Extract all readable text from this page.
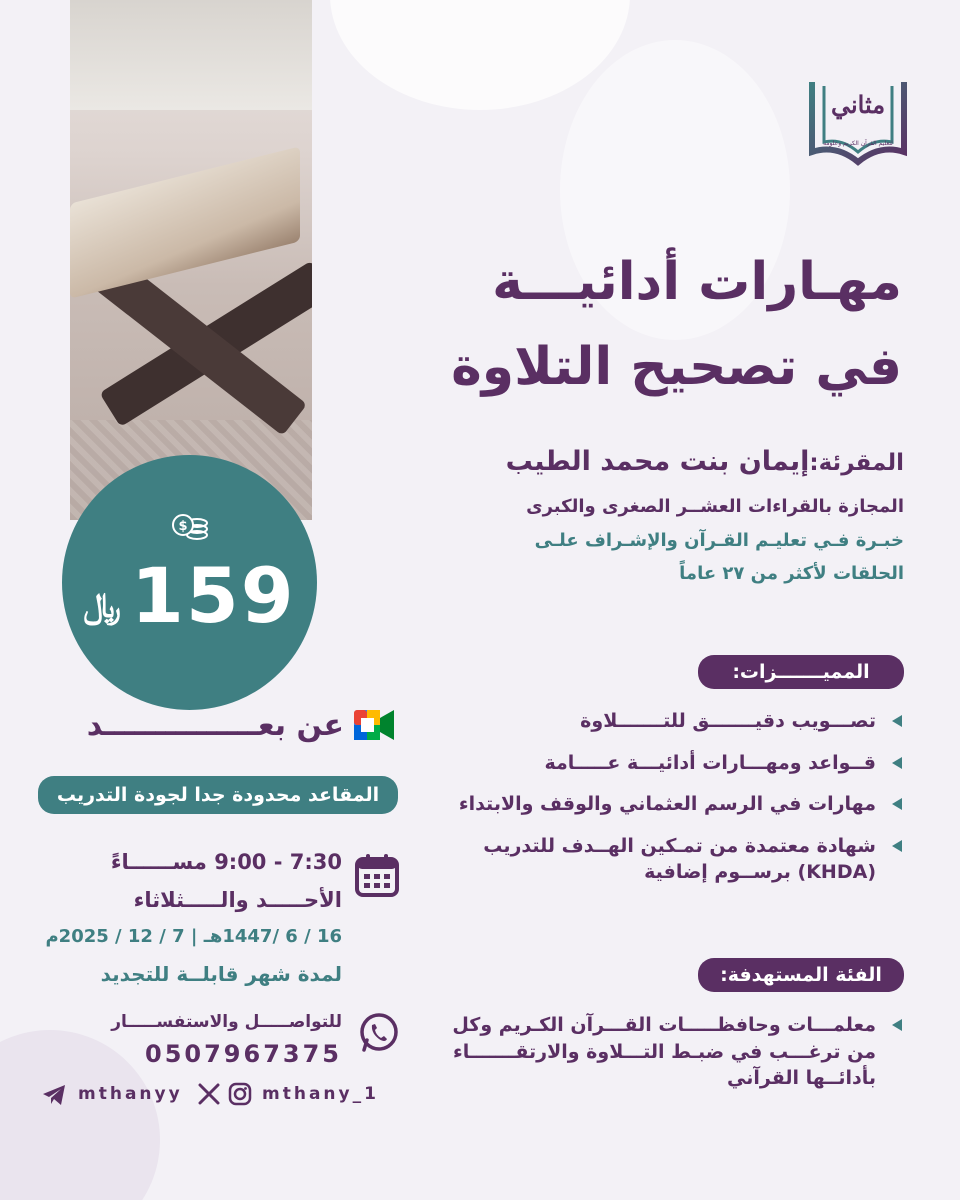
$
﷼ 159
مثاني
لتعليم القرآن الكريم وعلومه
مهـارات أدائيـــة
في تصحيح التلاوة
المقرئة:إيمان بنت محمد الطيب
المجازة بالقراءات العشــر الصغرى والكبرى
خبـرة فـي تعليـم القـرآن والإشـراف علـى
الحلقات لأكثر من ٢٧ عاماً
المميـــــــزات:
تصـــويب دقيـــــــق للتـــــــلاوة
قــواعد ومهـــارات أدائيـــة عـــــامة
مهارات في الرسم العثماني والوقف والابتداء
شهادة معتمدة من تمـكين الهــدف للتدريب (KHDA) برســوم إضافية
الفئة المستهدفة:
معلمـــات وحافظـــــات القـــرآن الكـريم وكل من ترغـــب في ضبـط التـــلاوة والارتقـــــــاء بأدائــها القرآني
عن بعـــــــــــــــد
المقاعد محدودة جدا لجودة التدريب
7:30 - 9:00 مســــــاءً
الأحـــــد والـــــثلاثاء
16 / 6 /1447هـ | 7 / 12 / 2025م
لمدة شهر قابلــة للتجديد
للتواصـــــل والاستفســـــار
0507967375
mthanyy	mthany_1
